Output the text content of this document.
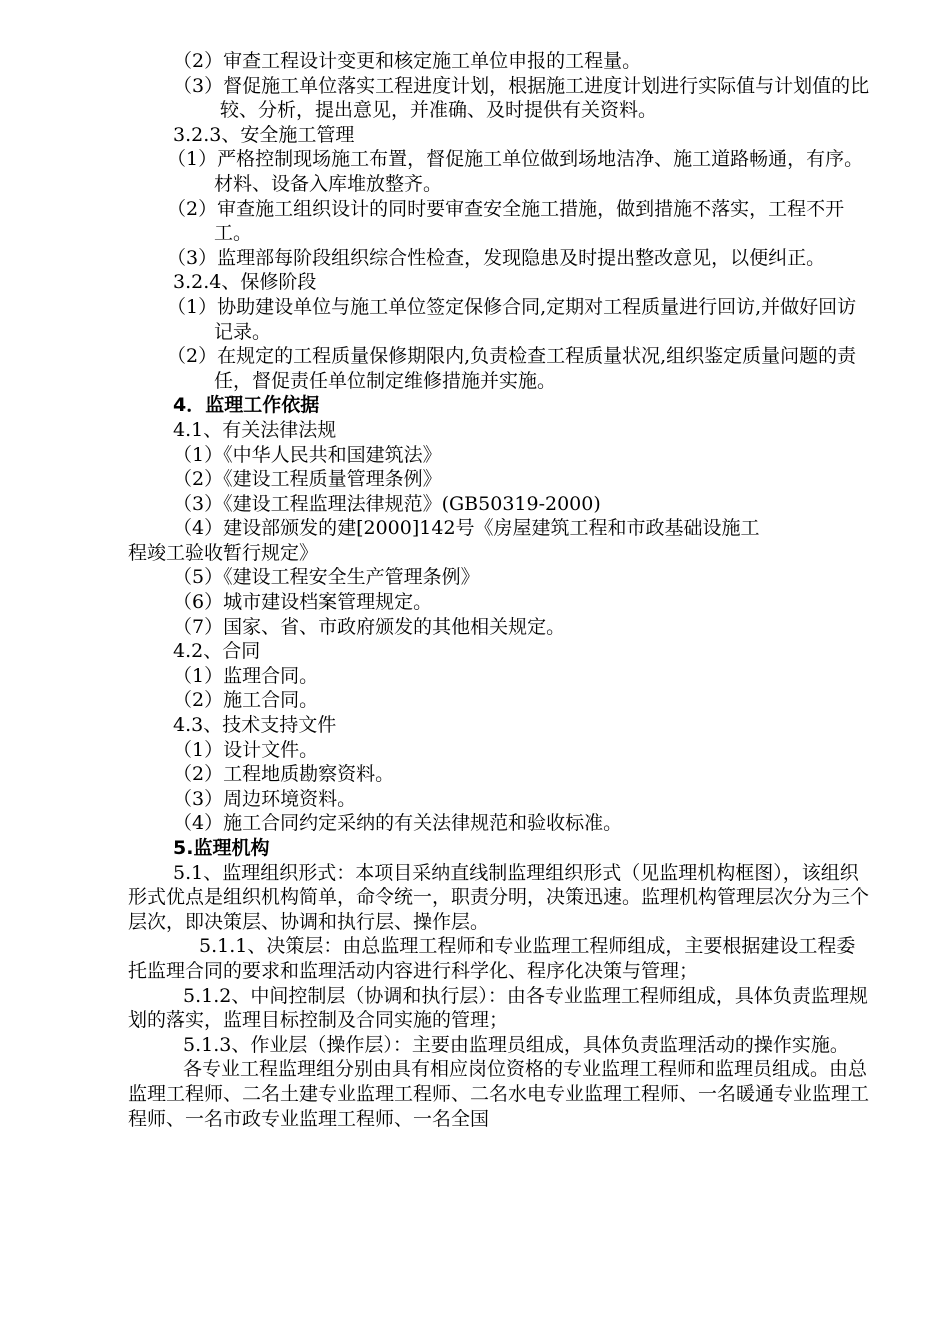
（2）审查工程设计变更和核定施工单位申报的工程量。

（3）督促施工单位落实工程进度计划，根据施工进度计划进行实际值与计划值的比较、分析，提出意见，并准确、及时提供有关资料。

3.2.3、安全施工管理

（1）严格控制现场施工布置，督促施工单位做到场地洁净、施工道路畅通，有序。材料、设备入库堆放整齐。
（2）审查施工组织设计的同时要审查安全施工措施，做到措施不落实，工程不开工。
（3）监理部每阶段组织综合性检查，发现隐患及时提出整改意见，以便纠正。

3.2.4、保修阶段

（1）协助建设单位与施工单位签定保修合同,定期对工程质量进行回访,并做好回访记录。
（2）在规定的工程质量保修期限内,负责检查工程质量状况,组织鉴定质量问题的责任，督促责任单位制定维修措施并实施。

4．监理工作依据

4.1、有关法律法规

（1）《中华人民共和国建筑法》

（2）《建设工程质量管理条例》

（3）《建设工程监理法律规范》(GB50319-2000)

（4）建设部颁发的建[2000]142号《房屋建筑工程和市政基础设施工

程竣工验收暂行规定》

（5）《建设工程安全生产管理条例》

（6）城市建设档案管理规定。

（7）国家、省、市政府颁发的其他相关规定。

4.2、合同

（1）监理合同。

（2）施工合同。

4.3、技术支持文件

（1）设计文件。

（2）工程地质勘察资料。

（3）周边环境资料。

（4）施工合同约定采纳的有关法律规范和验收标准。

5.监理机构

5.1、监理组织形式：本项目采纳直线制监理组织形式（见监理机构框图），该组织形式优点是组织机构简单，命令统一，职责分明，决策迅速。监理机构管理层次分为三个层次，即决策层、协调和执行层、操作层。

5.1.1、决策层：由总监理工程师和专业监理工程师组成，主要根据建设工程委托监理合同的要求和监理活动内容进行科学化、程序化决策与管理；

5.1.2、中间控制层（协调和执行层）：由各专业监理工程师组成，具体负责监理规划的落实，监理目标控制及合同实施的管理；

5.1.3、作业层（操作层）：主要由监理员组成，具体负责监理活动的操作实施。

各专业工程监理组分别由具有相应岗位资格的专业监理工程师和监理员组成。由总监理工程师、二名土建专业监理工程师、二名水电专业监理工程师、一名暖通专业监理工程师、一名市政专业监理工程师、一名全国
